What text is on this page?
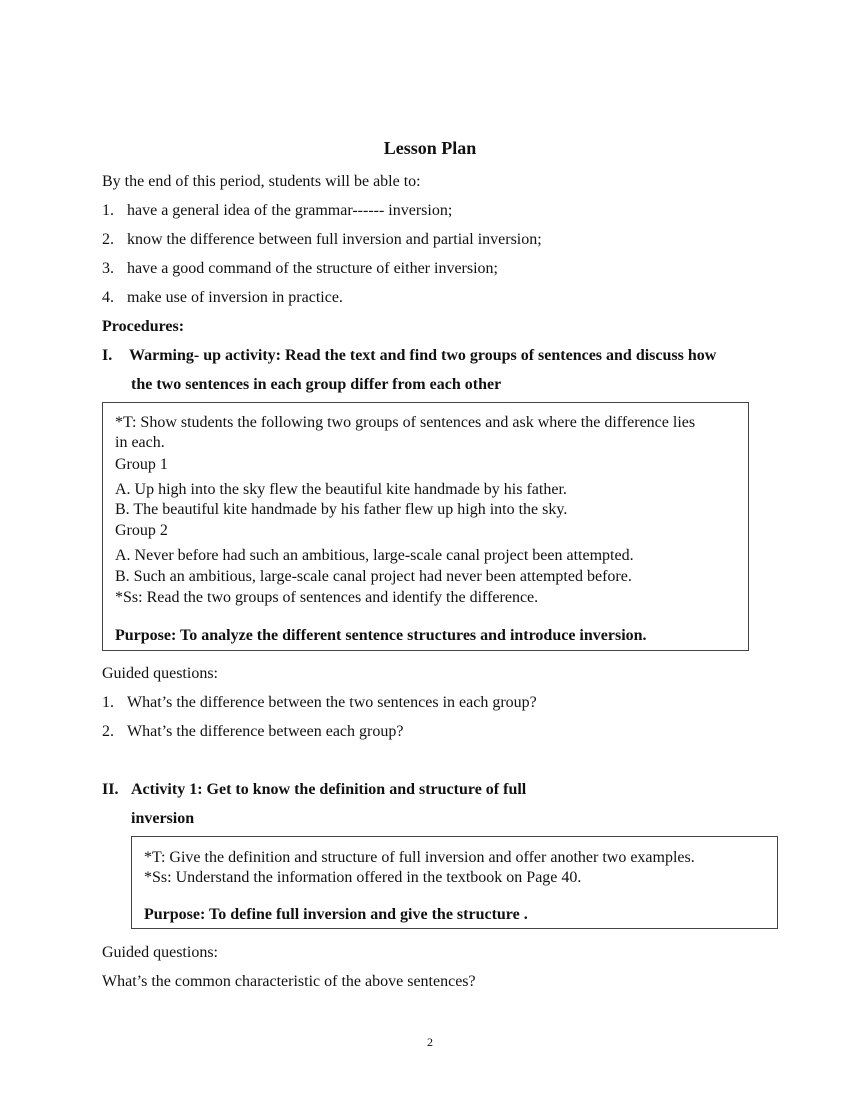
Lesson Plan
By the end of this period, students will be able to:
1. have a general idea of the grammar------ inversion;
2. know the difference between full inversion and partial inversion;
3. have a good command of the structure of either inversion;
4. make use of inversion in practice.
Procedures:
I. Warming- up activity: Read the text and find two groups of sentences and discuss how
the two sentences in each group differ from each other
*T: Show students the following two groups of sentences and ask where the difference lies
in each.
Group 1
A. Up high into the sky flew the beautiful kite handmade by his father.
B. The beautiful kite handmade by his father flew up high into the sky.
Group 2
A. Never before had such an ambitious, large-scale canal project been attempted.
B. Such an ambitious, large-scale canal project had never been attempted before.
*Ss: Read the two groups of sentences and identify the difference.
Purpose: To analyze the different sentence structures and introduce inversion.
Guided questions:
1. What’s the difference between the two sentences in each group?
2. What’s the difference between each group?
II. Activity 1: Get to know the definition and structure of full
inversion
*T: Give the definition and structure of full inversion and offer another two examples.
*Ss: Understand the information offered in the textbook on Page 40.
Purpose: To define full inversion and give the structure .
Guided questions:
What’s the common characteristic of the above sentences?
2
